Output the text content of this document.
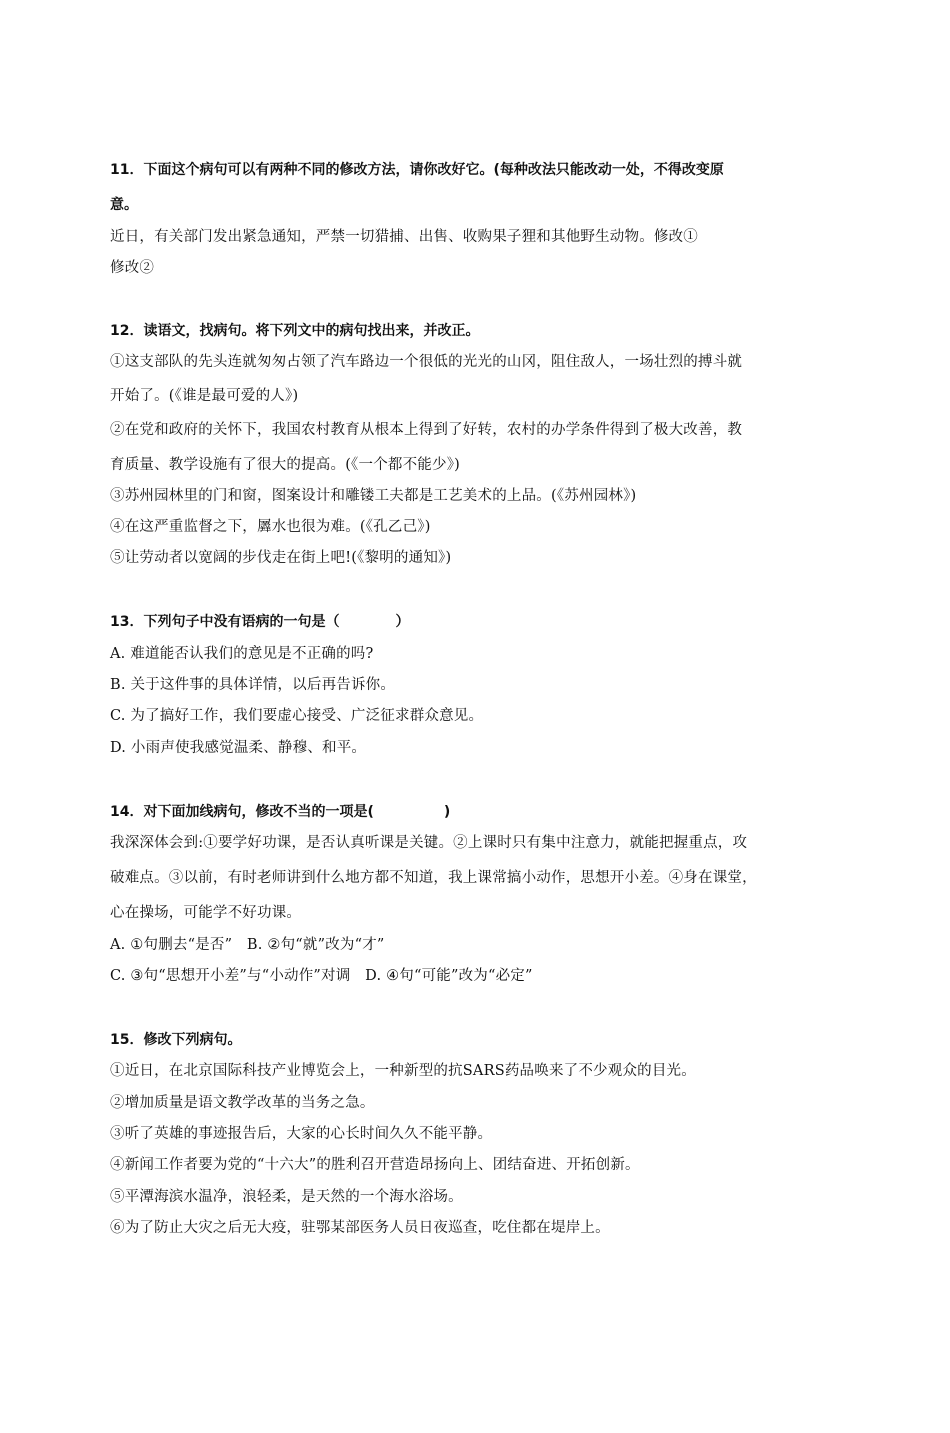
11．下面这个病句可以有两种不同的修改方法，请你改好它。(每种改法只能改动一处，不得改变原
意。
近日，有关部门发出紧急通知，严禁一切猎捕、出售、收购果子狸和其他野生动物。修改①
修改②
12．读语文，找病句。将下列文中的病句找出来，并改正。
①这支部队的先头连就匆匆占领了汽车路边一个很低的光光的山冈，阻住敌人，一场壮烈的搏斗就
开始了。(《谁是最可爱的人》)
②在党和政府的关怀下，我国农村教育从根本上得到了好转，农村的办学条件得到了极大改善，教
育质量、教学设施有了很大的提高。(《一个都不能少》)
③苏州园林里的门和窗，图案设计和雕镂工夫都是工艺美术的上品。(《苏州园林》)
④在这严重监督之下，羼水也很为难。(《孔乙己》)
⑤让劳动者以宽阔的步伐走在街上吧!(《黎明的通知》)
13．下列句子中没有语病的一句是（　　　　）
A. 难道能否认我们的意见是不正确的吗?
B. 关于这件事的具体详情，以后再告诉你。
C. 为了搞好工作，我们要虚心接受、广泛征求群众意见。
D. 小雨声使我感觉温柔、静穆、和平。
14．对下面加线病句，修改不当的一项是(　　　　　)
我深深体会到:①要学好功课，是否认真听课是关键。②上课时只有集中注意力，就能把握重点，攻
破难点。③以前，有时老师讲到什么地方都不知道，我上课常搞小动作，思想开小差。④身在课堂，
心在操场，可能学不好功课。
A. ①句删去“是否”　B. ②句“就”改为“才”
C. ③句“思想开小差”与“小动作”对调　D. ④句“可能”改为“必定”
15．修改下列病句。
①近日，在北京国际科技产业博览会上，一种新型的抗SARS药品唤来了不少观众的目光。
②增加质量是语文教学改革的当务之急。
③听了英雄的事迹报告后，大家的心长时间久久不能平静。
④新闻工作者要为党的“十六大”的胜利召开营造昂扬向上、团结奋进、开拓创新。
⑤平潭海滨水温净，浪轻柔，是天然的一个海水浴场。
⑥为了防止大灾之后无大疫，驻鄂某部医务人员日夜巡查，吃住都在堤岸上。
